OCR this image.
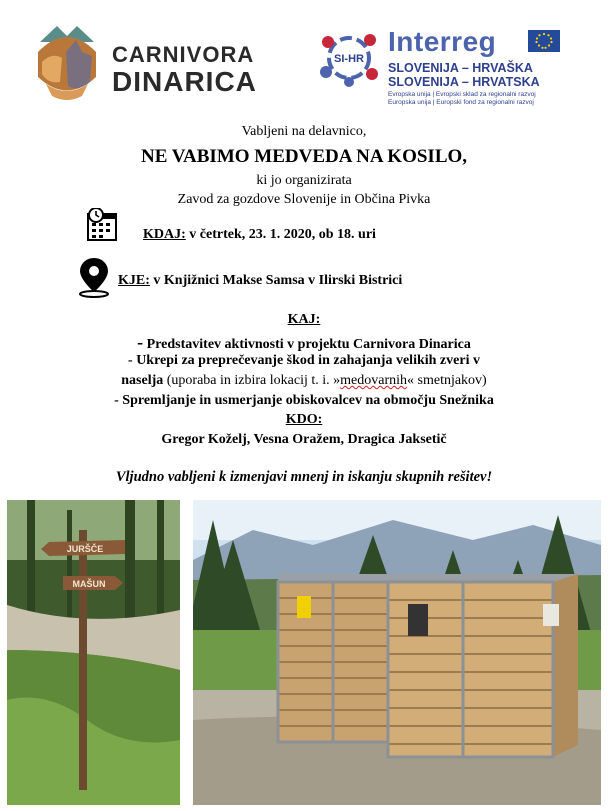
CARNIVORA
DINARICA
SI-HR
Interreg
SLOVENIJA – HRVAŠKA
SLOVENIJA – HRVATSKA
Evropska unija | Evropski sklad za regionalni razvoj
Europska unija | Europski fond za regionalni razvoj
Vabljeni na delavnico,
NE VABIMO MEDVEDA NA KOSILO,
ki jo organizirata
Zavod za gozdove Slovenije in Občina Pivka
KDAJ: v četrtek, 23. 1. 2020, ob 18. uri
KJE: v Knjižnici Makse Samsa v Ilirski Bistrici
KAJ:
- Predstavitev aktivnosti v projektu Carnivora Dinarica
- Ukrepi za preprečevanje škod in zahajanja velikih zveri v
naselja (uporaba in izbira lokacij t. i. »medovarnih« smetnjakov)
- Spremljanje in usmerjanje obiskovalcev na območju Snežnika
KDO:
Gregor Koželj, Vesna Oražem, Dragica Jaksetič
Vljudno vabljeni k izmenjavi mnenj in iskanju skupnih rešitev!
JURŠČE
MAŠUN
